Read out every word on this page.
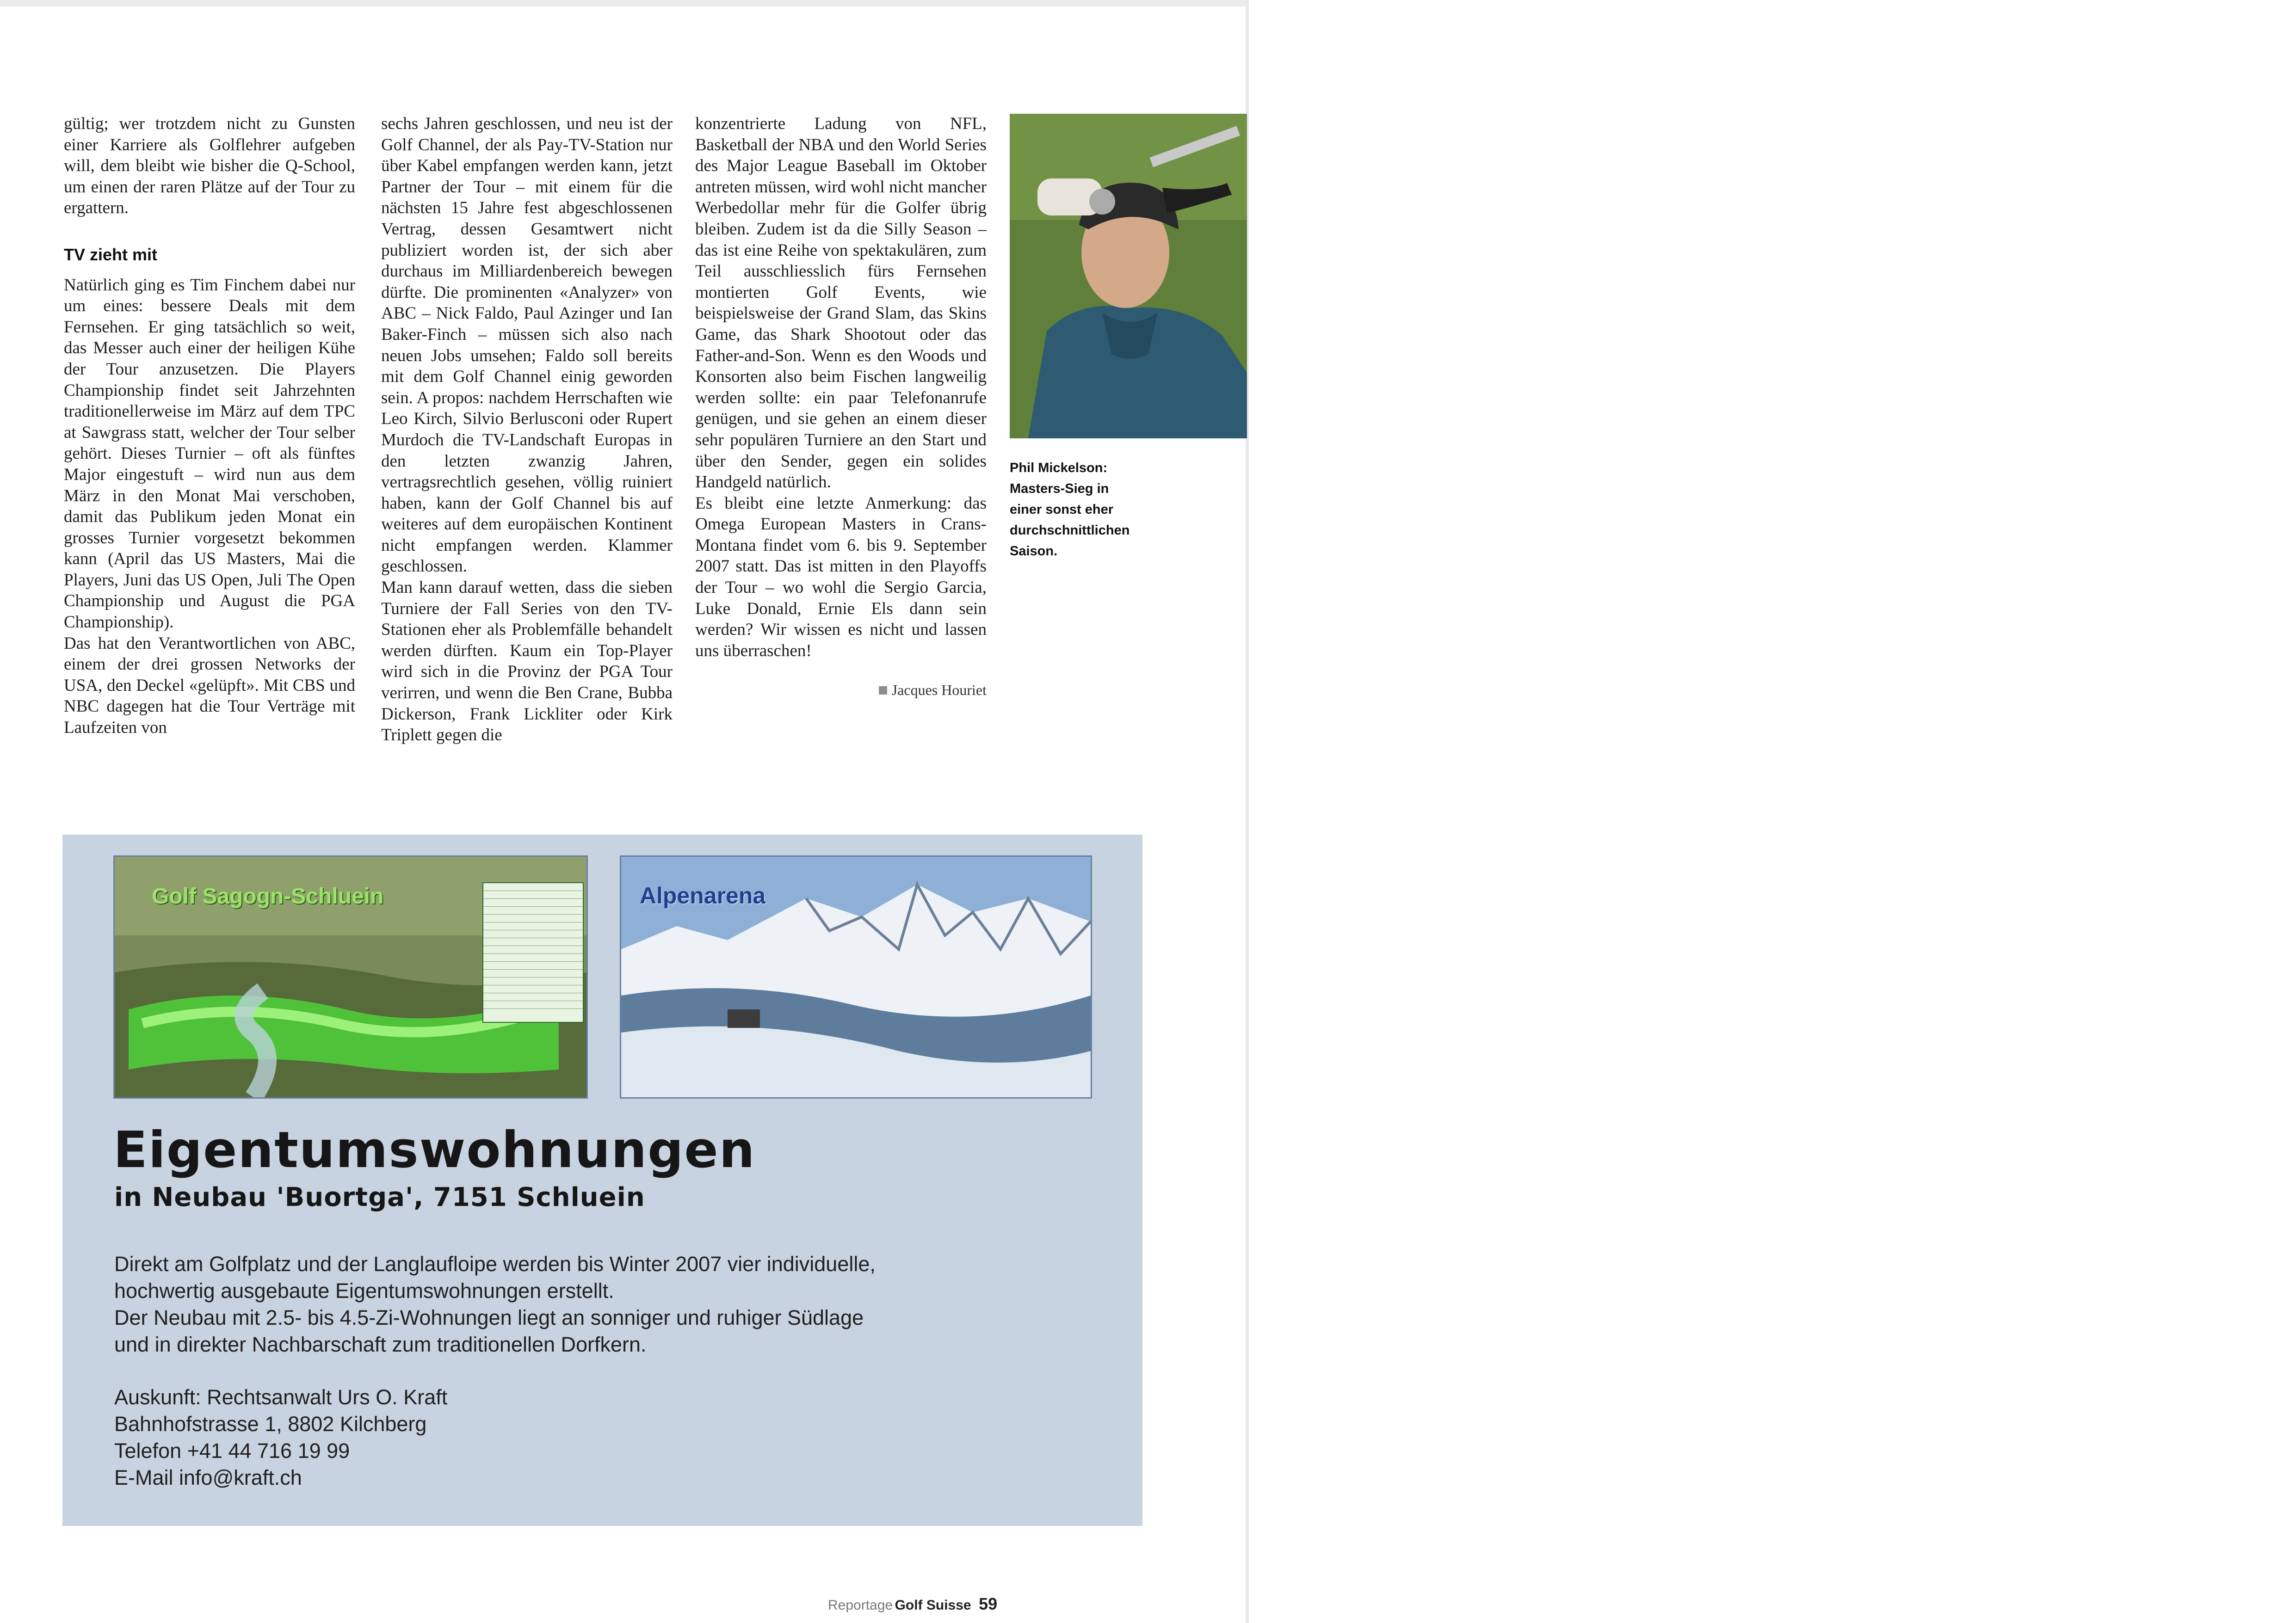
gültig; wer trotzdem nicht zu Gunsten einer Karriere als Golflehrer aufgeben will, dem bleibt wie bisher die Q-School, um einen der raren Plätze auf der Tour zu ergattern.

TV zieht mit

Natürlich ging es Tim Finchem dabei nur um eines: bessere Deals mit dem Fernsehen. Er ging tatsächlich so weit, das Messer auch einer der heiligen Kühe der Tour anzusetzen. Die Players Championship findet seit Jahrzehnten traditionellerweise im März auf dem TPC at Sawgrass statt, welcher der Tour selber gehört. Dieses Turnier – oft als fünftes Major eingestuft – wird nun aus dem März in den Monat Mai verschoben, damit das Publikum jeden Monat ein grosses Turnier vorgesetzt bekommen kann (April das US Masters, Mai die Players, Juni das US Open, Juli The Open Championship und August die PGA Championship).

Das hat den Verantwortlichen von ABC, einem der drei grossen Networks der USA, den Deckel «gelüpft». Mit CBS und NBC dagegen hat die Tour Verträge mit Laufzeiten von

sechs Jahren geschlossen, und neu ist der Golf Channel, der als Pay-TV-Station nur über Kabel empfangen werden kann, jetzt Partner der Tour – mit einem für die nächsten 15 Jahre fest abgeschlossenen Vertrag, dessen Gesamtwert nicht publiziert worden ist, der sich aber durchaus im Milliardenbereich bewegen dürfte. Die prominenten «Analyzer» von ABC – Nick Faldo, Paul Azinger und Ian Baker-Finch – müssen sich also nach neuen Jobs umsehen; Faldo soll bereits mit dem Golf Channel einig geworden sein. A propos: nachdem Herrschaften wie Leo Kirch, Silvio Berlusconi oder Rupert Murdoch die TV-Landschaft Europas in den letzten zwanzig Jahren, vertragsrechtlich gesehen, völlig ruiniert haben, kann der Golf Channel bis auf weiteres auf dem europäischen Kontinent nicht empfangen werden. Klammer geschlossen.

Man kann darauf wetten, dass die sieben Turniere der Fall Series von den TV-Stationen eher als Problemfälle behandelt werden dürften. Kaum ein Top-Player wird sich in die Provinz der PGA Tour verirren, und wenn die Ben Crane, Bubba Dickerson, Frank Lickliter oder Kirk Triplett gegen die

konzentrierte Ladung von NFL, Basketball der NBA und den World Series des Major League Baseball im Oktober antreten müssen, wird wohl nicht mancher Werbedollar mehr für die Golfer übrig bleiben. Zudem ist da die Silly Season – das ist eine Reihe von spektakulären, zum Teil ausschliesslich fürs Fernsehen montierten Golf Events, wie beispielsweise der Grand Slam, das Skins Game, das Shark Shootout oder das Father-and-Son. Wenn es den Woods und Konsorten also beim Fischen langweilig werden sollte: ein paar Telefonanrufe genügen, und sie gehen an einem dieser sehr populären Turniere an den Start und über den Sender, gegen ein solides Handgeld natürlich.

Es bleibt eine letzte Anmerkung: das Omega European Masters in Crans-Montana findet vom 6. bis 9. September 2007 statt. Das ist mitten in den Playoffs der Tour – wo wohl die Sergio Garcia, Luke Donald, Ernie Els dann sein werden? Wir wissen es nicht und lassen uns überraschen!

Jacques Houriet
Phil Mickelson:
Masters-Sieg in
einer sonst eher
durchschnittlichen
Saison.
Golf Sagogn-Schluein	Alpenarena
Eigentumswohnungen
in Neubau 'Buortga', 7151 Schluein
Direkt am Golfplatz und der Langlaufloipe werden bis Winter 2007 vier individuelle,
hochwertig ausgebaute Eigentumswohnungen erstellt.
Der Neubau mit 2.5- bis 4.5-Zi-Wohnungen liegt an sonniger und ruhiger Südlage
und in direkter Nachbarschaft zum traditionellen Dorfkern.
Auskunft: Rechtsanwalt Urs O. Kraft
Bahnhofstrasse 1, 8802 Kilchberg
Telefon +41 44 716 19 99
E-Mail info@kraft.ch
Reportage Golf Suisse 59
